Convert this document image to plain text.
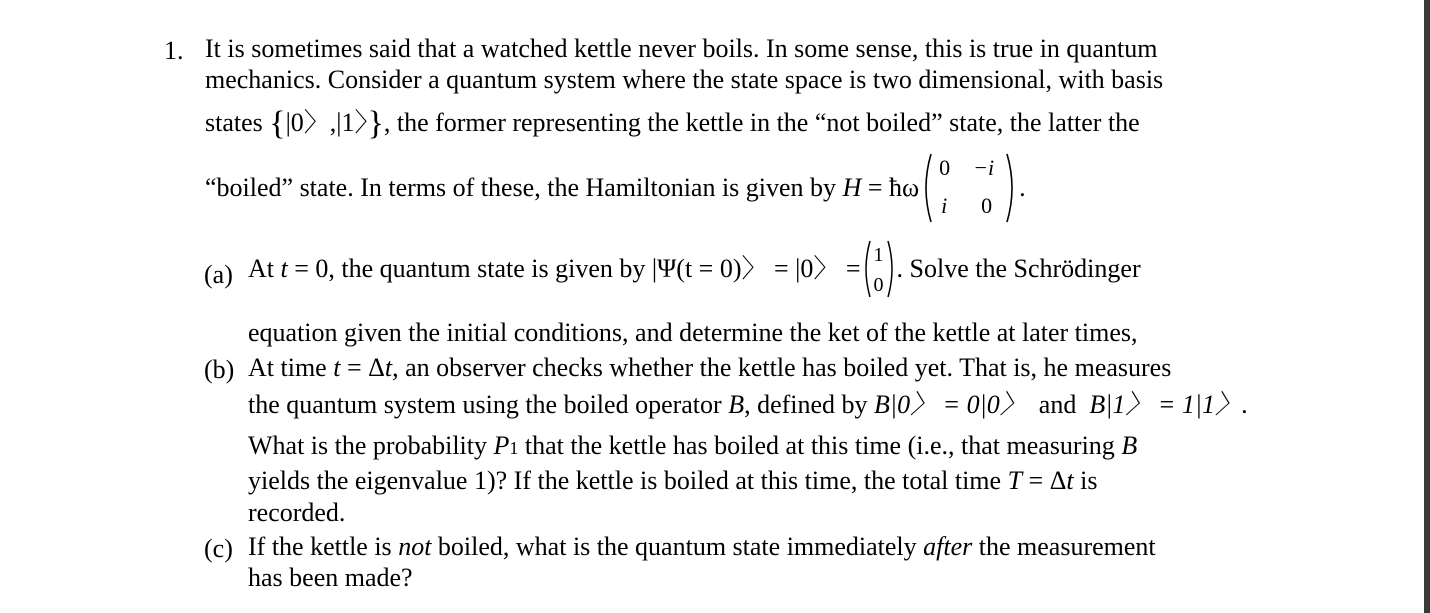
1. It is sometimes said that a watched kettle never boils. In some sense, this is true in quantum
mechanics. Consider a quantum system where the state space is two dimensional, with basis
states {|0〉,|1〉}, the former representing the kettle in the “not boiled” state, the latter the
“boiled” state. In terms of these, the Hamiltonian is given by H = ħω
0 −i
i 0
.
(a) At t = 0, the quantum state is given by |Ψ(t = 0)〉 = |0〉 = 1
0
. Solve the Schrödinger
equation given the initial conditions, and determine the ket of the kettle at later times,
(b) At time t = Δt, an observer checks whether the kettle has boiled yet. That is, he measures
the quantum system using the boiled operator B, defined by B|0〉 = 0|0〉  and  B|1〉 = 1|1〉.
What is the probability P1 that the kettle has boiled at this time (i.e., that measuring B
yields the eigenvalue 1)? If the kettle is boiled at this time, the total time T = Δt is
recorded.
(c) If the kettle is not boiled, what is the quantum state immediately after the measurement
has been made?
